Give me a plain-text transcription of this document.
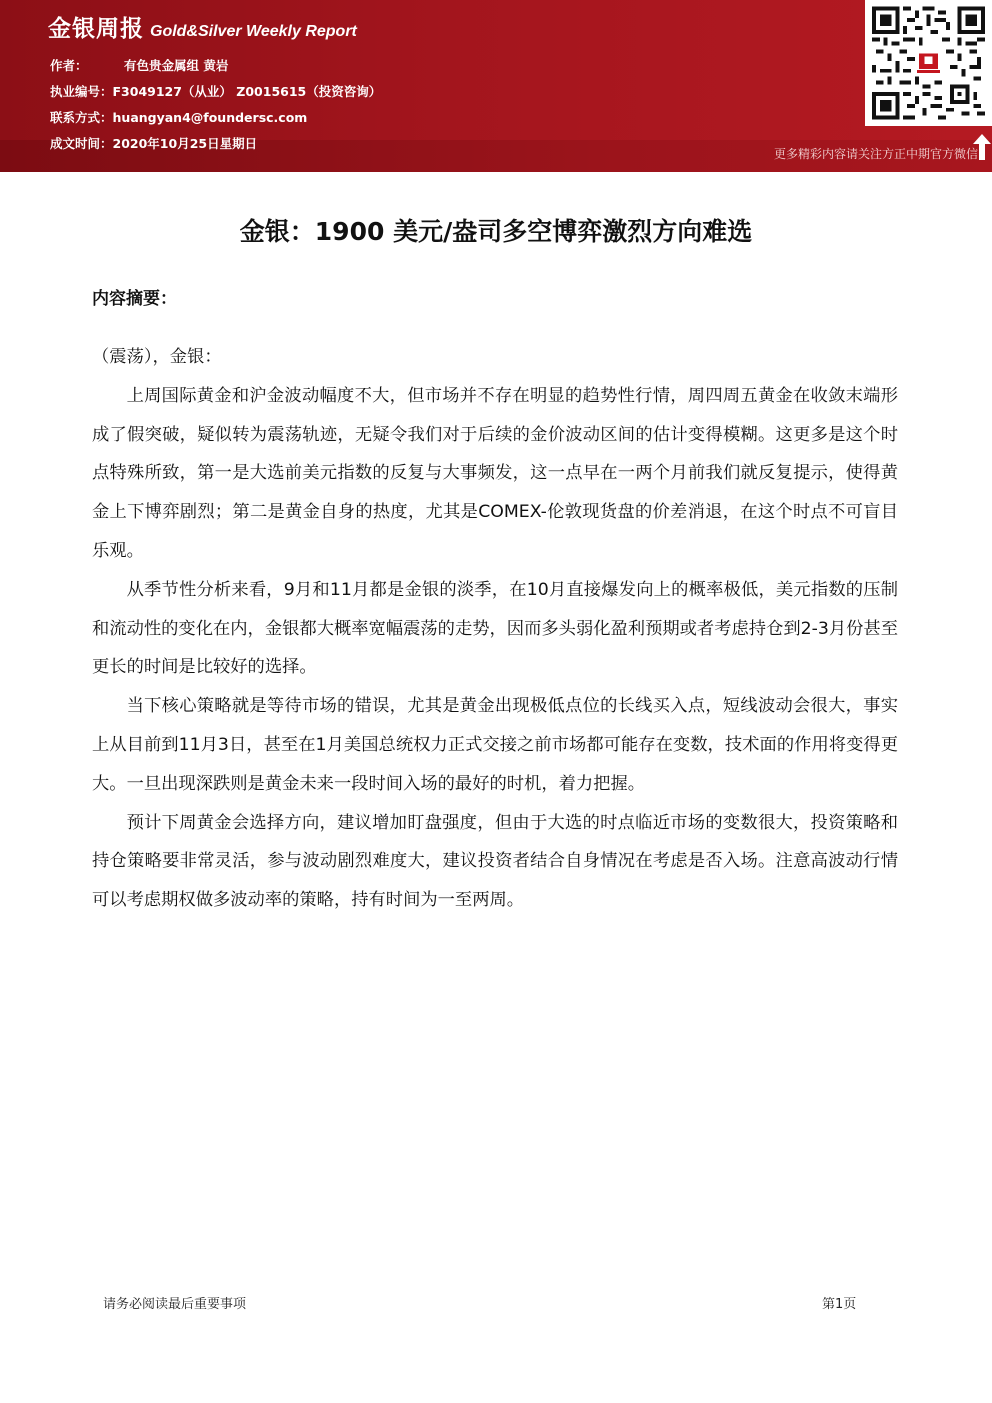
金银周报 Gold&Silver Weekly Report
作者：	有色贵金属组 黄岩
执业编号：F3049127（从业） Z0015615（投资咨询）
联系方式：huangyan4@foundersc.com
成文时间：2020年10月25日星期日
更多精彩内容请关注方正中期官方微信
金银：1900 美元/盎司多空博弈激烈方向难选
内容摘要：

（震荡），金银：

上周国际黄金和沪金波动幅度不大，但市场并不存在明显的趋势性行情，周四周五黄金在收敛末端形成了假突破，疑似转为震荡轨迹，无疑令我们对于后续的金价波动区间的估计变得模糊。这更多是这个时点特殊所致，第一是大选前美元指数的反复与大事频发，这一点早在一两个月前我们就反复提示，使得黄金上下博弈剧烈；第二是黄金自身的热度，尤其是COMEX-伦敦现货盘的价差消退，在这个时点不可盲目乐观。

从季节性分析来看，9月和11月都是金银的淡季，在10月直接爆发向上的概率极低，美元指数的压制和流动性的变化在内，金银都大概率宽幅震荡的走势，因而多头弱化盈利预期或者考虑持仓到2-3月份甚至更长的时间是比较好的选择。

当下核心策略就是等待市场的错误，尤其是黄金出现极低点位的长线买入点，短线波动会很大，事实上从目前到11月3日，甚至在1月美国总统权力正式交接之前市场都可能存在变数，技术面的作用将变得更大。一旦出现深跌则是黄金未来一段时间入场的最好的时机，着力把握。

预计下周黄金会选择方向，建议增加盯盘强度，但由于大选的时点临近市场的变数很大，投资策略和持仓策略要非常灵活，参与波动剧烈难度大，建议投资者结合自身情况在考虑是否入场。注意高波动行情可以考虑期权做多波动率的策略，持有时间为一至两周。

请务必阅读最后重要事项	第1页
